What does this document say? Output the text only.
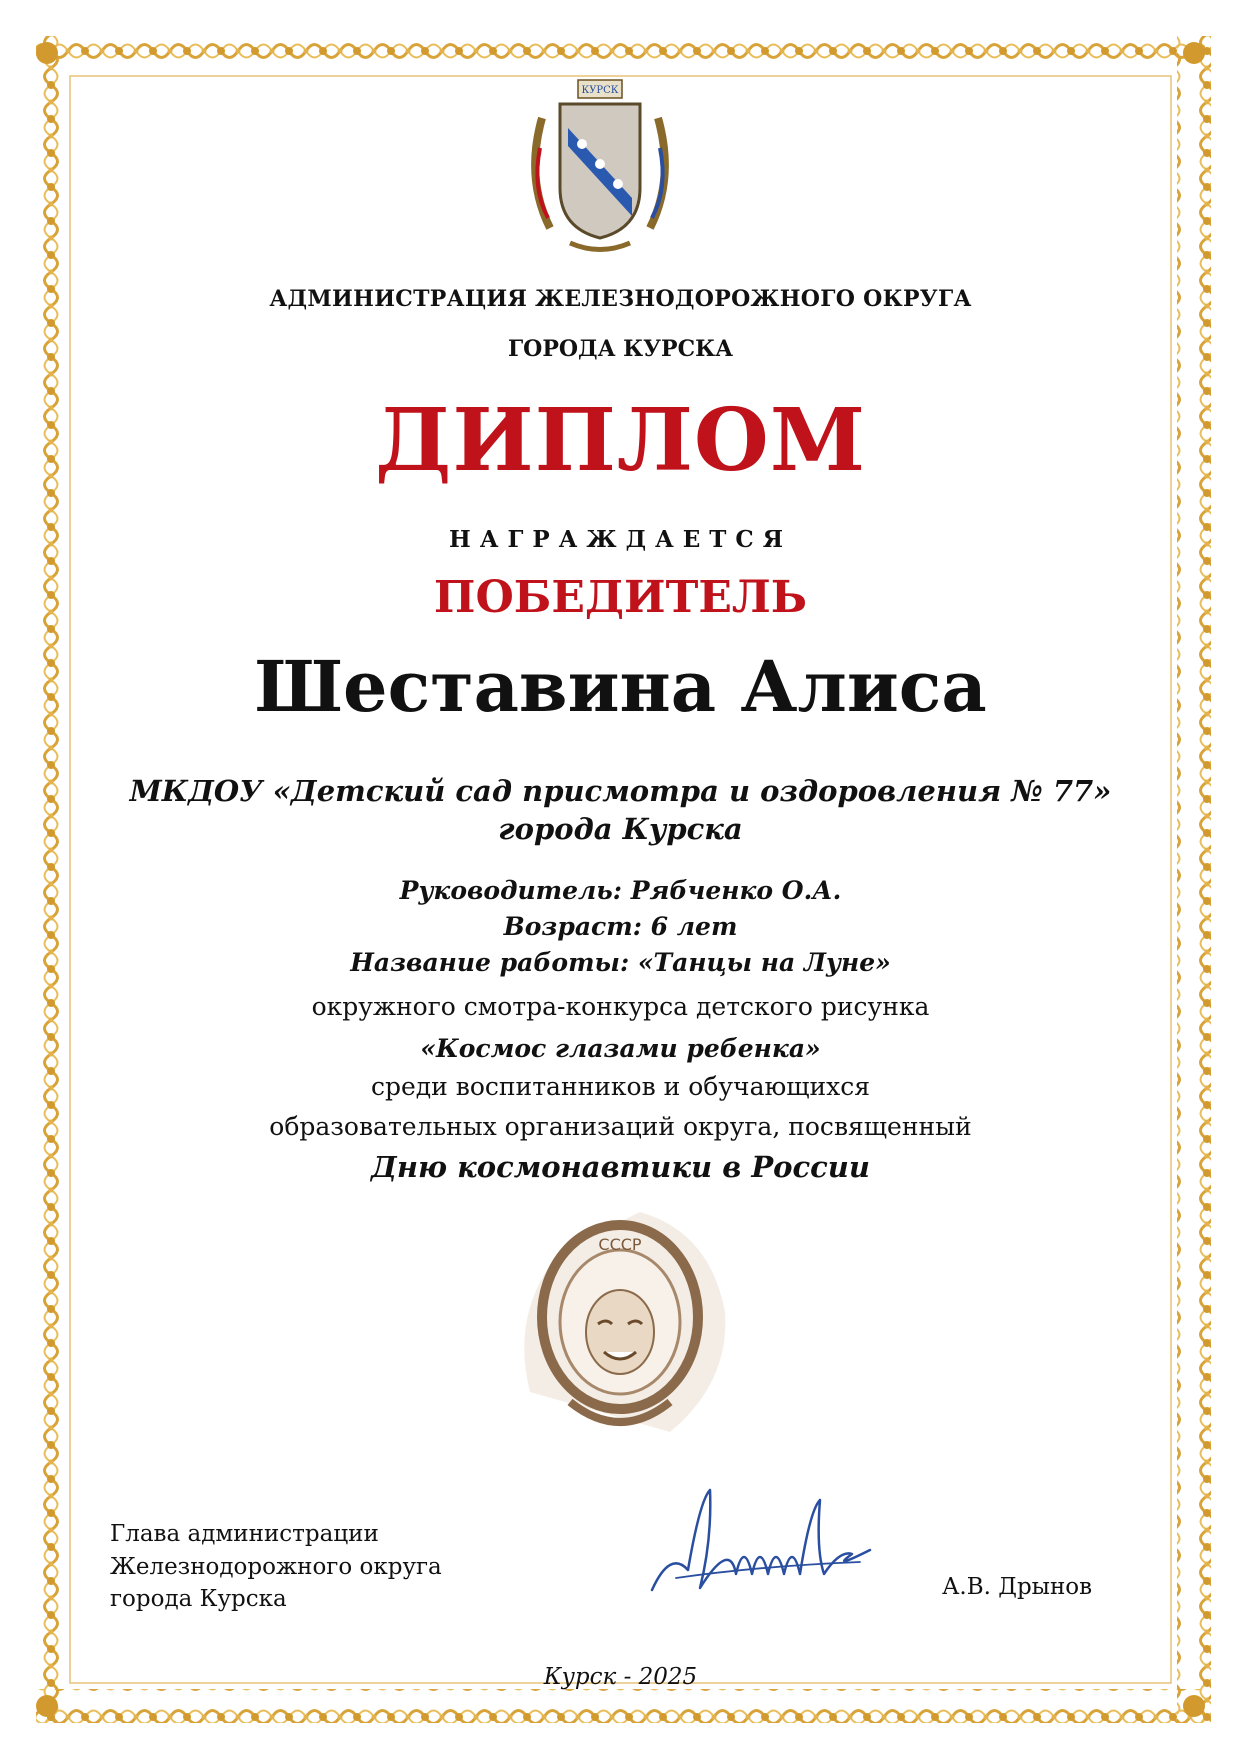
КУРСК
АДМИНИСТРАЦИЯ ЖЕЛЕЗНОДОРОЖНОГО ОКРУГА
ГОРОДА КУРСКА
ДИПЛОМ
НАГРАЖДАЕТСЯ
ПОБЕДИТЕЛЬ
Шеставина Алиса
МКДОУ «Детский сад присмотра и оздоровления № 77»
города Курска
Руководитель: Рябченко О.А.
Возраст: 6 лет
Название работы: «Танцы на Луне»
окружного смотра-конкурса детского рисунка
«Космос глазами ребенка»
среди воспитанников и обучающихся
образовательных организаций округа, посвященный
Дню космонавтики в России
СССР
Глава администрации
Железнодорожного округа
города Курска	А.В. Дрынов
Курск - 2025
